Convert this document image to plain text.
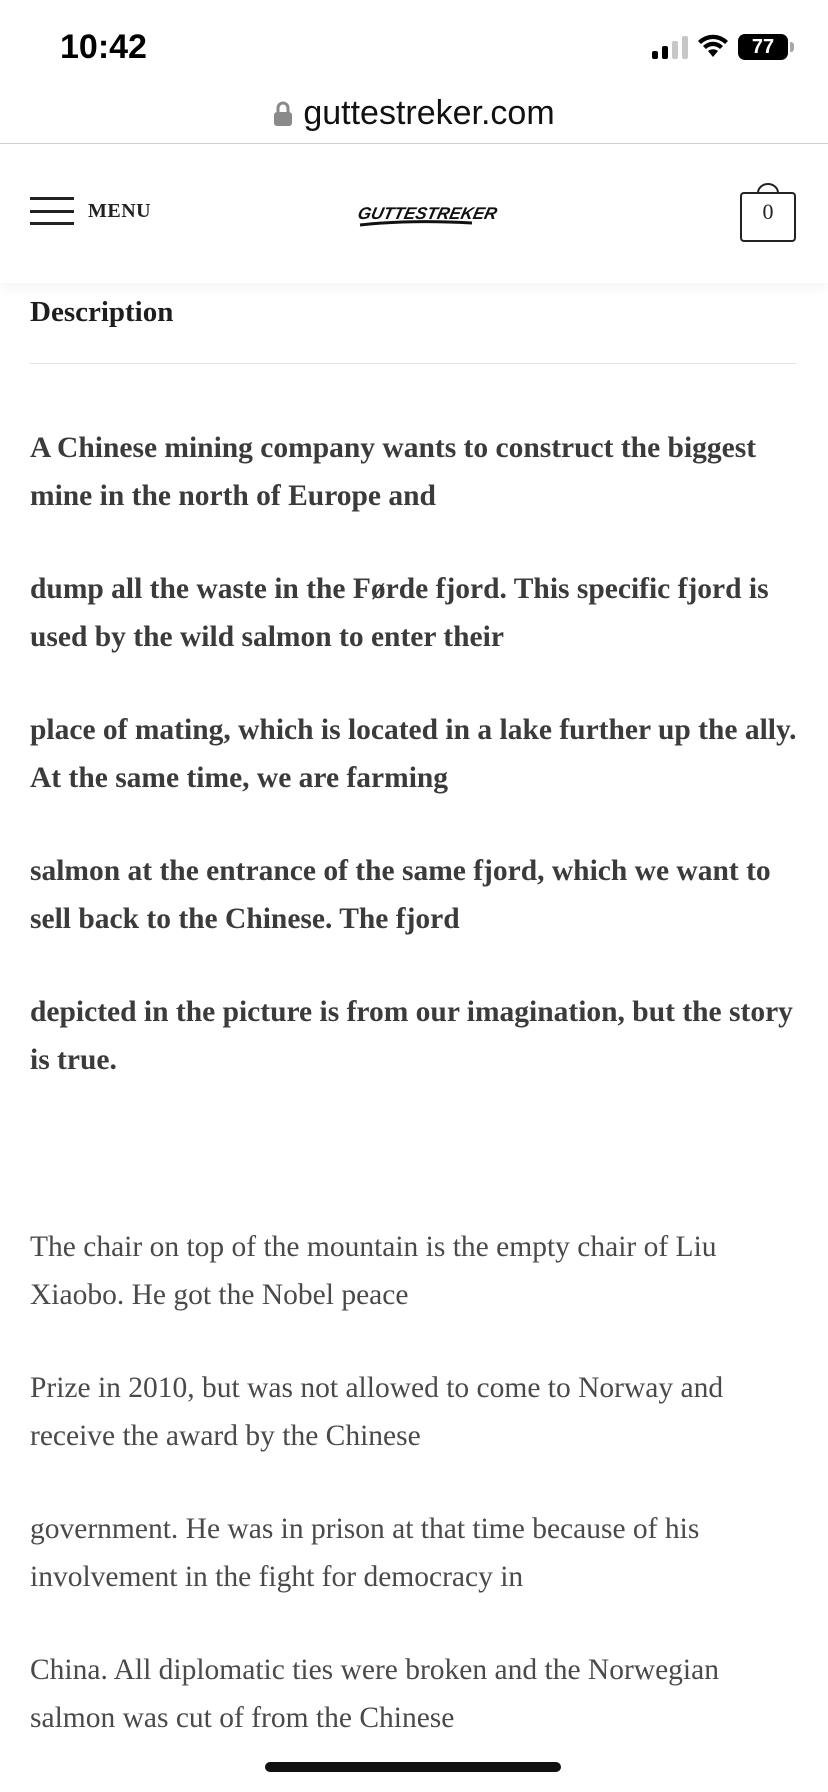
10:42	77
guttestreker.com
MENU	GUTTESTREKER	0
Description

A Chinese mining company wants to construct the biggest mine in the north of Europe and

dump all the waste in the Førde fjord. This specific fjord is used by the wild salmon to enter their

place of mating, which is located in a lake further up the ally. At the same time, we are farming

salmon at the entrance of the same fjord, which we want to sell back to the Chinese. The fjord

depicted in the picture is from our imagination, but the story is true.

The chair on top of the mountain is the empty chair of Liu Xiaobo. He got the Nobel peace

Prize in 2010, but was not allowed to come to Norway and receive the award by the Chinese

government. He was in prison at that time because of his involvement in the fight for democracy in

China. All diplomatic ties were broken and the Norwegian salmon was cut of from the Chinese
